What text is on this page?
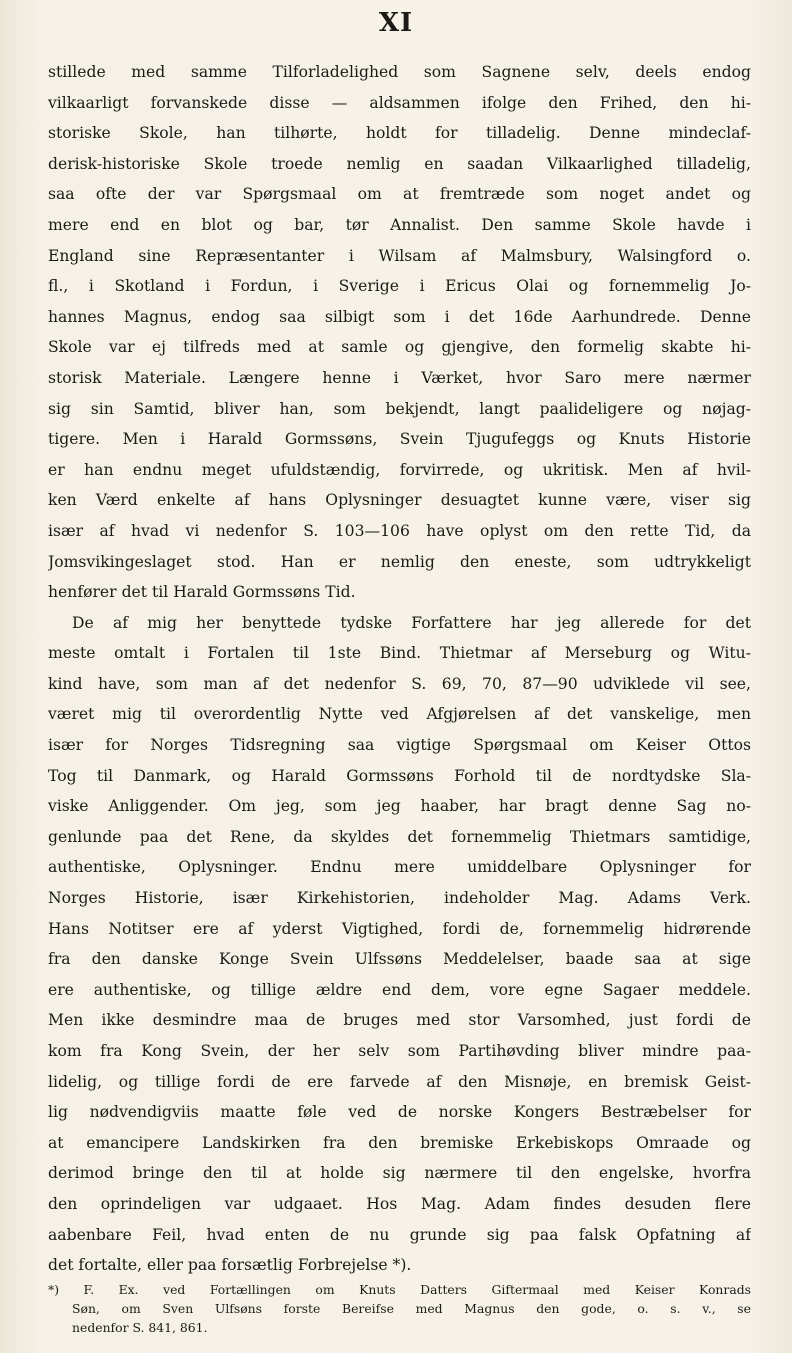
XI
stillede med samme Tilforladelighed som Sagnene selv, deels endog
vilkaarligt forvanskede disse — aldsammen ifolge den Frihed, den hi-
storiske Skole, han tilhørte, holdt for tilladelig. Denne mindeclaf-
derisk-historiske Skole troede nemlig en saadan Vilkaarlighed tilladelig,
saa ofte der var Spørgsmaal om at fremtræde som noget andet og
mere end en blot og bar, tør Annalist. Den samme Skole havde i
England sine Repræsentanter i Wilsam af Malmsbury, Walsingford o.
fl., i Skotland i Fordun, i Sverige i Ericus Olai og fornemmelig Jo-
hannes Magnus, endog saa silbigt som i det 16de Aarhundrede. Denne
Skole var ej tilfreds med at samle og gjengive, den formelig skabte hi-
storisk Materiale. Længere henne i Værket, hvor Saro mere nærmer
sig sin Samtid, bliver han, som bekjendt, langt paalideligere og nøjag-
tigere. Men i Harald Gormssøns, Svein Tjugufeggs og Knuts Historie
er han endnu meget ufuldstændig, forvirrede, og ukritisk. Men af hvil-
ken Værd enkelte af hans Oplysninger desuagtet kunne være, viser sig
især af hvad vi nedenfor S. 103—106 have oplyst om den rette Tid, da
Jomsvikingeslaget stod. Han er nemlig den eneste, som udtrykkeligt
henfører det til Harald Gormssøns Tid.
De af mig her benyttede tydske Forfattere har jeg allerede for det
meste omtalt i Fortalen til 1ste Bind. Thietmar af Merseburg og Witu-
kind have, som man af det nedenfor S. 69, 70, 87—90 udviklede vil see,
været mig til overordentlig Nytte ved Afgjørelsen af det vanskelige, men
især for Norges Tidsregning saa vigtige Spørgsmaal om Keiser Ottos
Tog til Danmark, og Harald Gormssøns Forhold til de nordtydske Sla-
viske Anliggender. Om jeg, som jeg haaber, har bragt denne Sag no-
genlunde paa det Rene, da skyldes det fornemmelig Thietmars samtidige,
authentiske, Oplysninger. Endnu mere umiddelbare Oplysninger for
Norges Historie, især Kirkehistorien, indeholder Mag. Adams Verk.
Hans Notitser ere af yderst Vigtighed, fordi de, fornemmelig hidrørende
fra den danske Konge Svein Ulfssøns Meddelelser, baade saa at sige
ere authentiske, og tillige ældre end dem, vore egne Sagaer meddele.
Men ikke desmindre maa de bruges med stor Varsomhed, just fordi de
kom fra Kong Svein, der her selv som Partihøvding bliver mindre paa-
lidelig, og tillige fordi de ere farvede af den Misnøje, en bremisk Geist-
lig nødvendigviis maatte føle ved de norske Kongers Bestræbelser for
at emancipere Landskirken fra den bremiske Erkebiskops Omraade og
derimod bringe den til at holde sig nærmere til den engelske, hvorfra
den oprindeligen var udgaaet. Hos Mag. Adam findes desuden flere
aabenbare Feil, hvad enten de nu grunde sig paa falsk Opfatning af
det fortalte, eller paa forsætlig Forbrejelse *).
*) F. Ex. ved Fortællingen om Knuts Datters Giftermaal med Keiser Konrads
Søn, om Sven Ulfsøns forste Bereifse med Magnus den gode, o. s. v., se
nedenfor S. 841, 861.
